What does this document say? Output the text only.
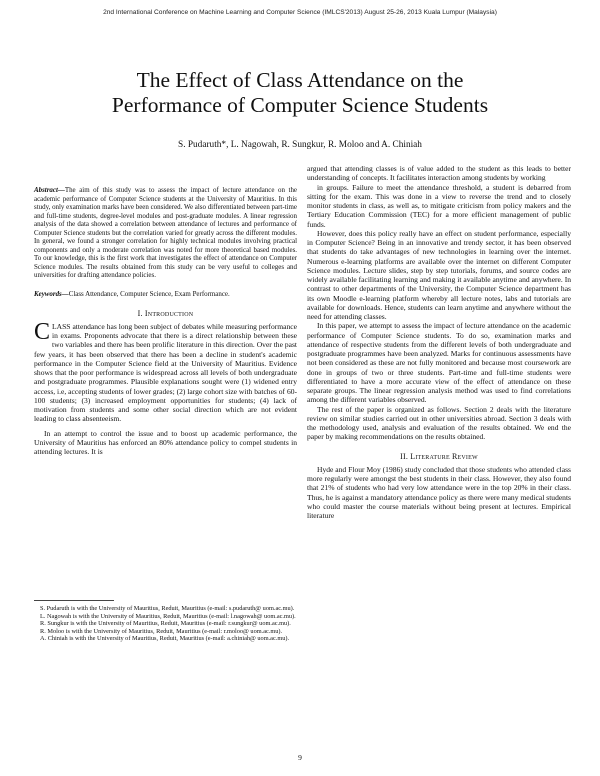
2nd International Conference on Machine Learning and Computer Science (IMLCS'2013) August 25-26, 2013 Kuala Lumpur (Malaysia)
The Effect of Class Attendance on the
Performance of Computer Science Students
S. Pudaruth*, L. Nagowah, R. Sungkur, R. Moloo and A. Chiniah

Abstract—The aim of this study was to assess the impact of lecture attendance on the academic performance of Computer Science students at the University of Mauritius. In this study, only examination marks have been considered. We also differentiated between part-time and full-time students, degree-level modules and post-graduate modules. A linear regression analysis of the data showed a correlation between attendance of lectures and performance of Computer Science students but the correlation varied for greatly across the different modules. In general, we found a stronger correlation for highly technical modules involving practical components and only a moderate correlation was noted for more theoretical based modules. To our knowledge, this is the first work that investigates the effect of attendance on Computer Science modules. The results obtained from this study can be very useful to colleges and universities for drafting attendance policies.

Keywords—Class Attendance, Computer Science, Exam Performance.

I. Introduction

CLASS attendance has long been subject of debates while measuring performance in exams. Proponents advocate that there is a direct relationship between these two variables and there has been prolific literature in this direction. Over the past few years, it has been observed that there has been a decline in student's academic performance in the Computer Science field at the University of Mauritius. Evidence shows that the poor performance is widespread across all levels of both undergraduate and postgraduate programmes. Plausible explanations sought were (1) widened entry access, i.e, accepting students of lower grades; (2) large cohort size with batches of 60-100 students; (3) increased employment opportunities for students; (4) lack of motivation from students and some other social direction which are not evident leading to class absenteeism.

In an attempt to control the issue and to boost up academic performance, the University of Mauritius has enforced an 80% attendance policy to compel students in attending lectures. It is

S. Pudaruth is with the University of Mauritius, Reduit, Mauritius (e-mail: s.pudaruth@ uom.ac.mu).

L. Nagowah is with the University of Mauritius, Reduit, Mauritius (e-mail: l.nagowah@ uom.ac.mu).

R. Sungkur is with the University of Mauritius, Reduit, Mauritius (e-mail: r.sungkur@ uom.ac.mu).

R. Moloo is with the University of Mauritius, Reduit, Mauritius (e-mail: r.moloo@ uom.ac.mu).

A. Chiniah is with the University of Mauritius, Reduit, Mauritius (e-mail: a.chiniah@ uom.ac.mu).

argued that attending classes is of value added to the student as this leads to better understanding of concepts. It facilitates interaction among students by working

in groups. Failure to meet the attendance threshold, a student is debarred from sitting for the exam. This was done in a view to reverse the trend and to closely monitor students in class, as well as, to mitigate criticism from policy makers and the Tertiary Education Commission (TEC) for a more efficient management of public funds.

However, does this policy really have an effect on student performance, especially in Computer Science? Being in an innovative and trendy sector, it has been observed that students do take advantages of new technologies in learning over the internet. Numerous e-learning platforms are available over the internet on different Computer Science modules. Lecture slides, step by step tutorials, forums, and source codes are widely available facilitating learning and making it available anytime and anywhere. In contrast to other departments of the University, the Computer Science department has its own Moodle e-learning platform whereby all lecture notes, labs and tutorials are available for downloads. Hence, students can learn anytime and anywhere without the need for attending classes.

In this paper, we attempt to assess the impact of lecture attendance on the academic performance of Computer Science students. To do so, examination marks and attendance of respective students from the different levels of both undergraduate and postgraduate programmes have been analyzed. Marks for continuous assessments have not been considered as these are not fully monitored and because most coursework are done in groups of two or three students. Part-time and full-time students were differentiated to have a more accurate view of the effect of attendance on these separate groups. The linear regression analysis method was used to find correlations among the different variables observed.

The rest of the paper is organized as follows. Section 2 deals with the literature review on similar studies carried out in other universities abroad. Section 3 deals with the methodology used, analysis and evaluation of the results obtained. We end the paper by making recommendations on the results obtained.

II. Literature Review

Hyde and Flour Moy (1986) study concluded that those students who attended class more regularly were amongst the best students in their class. However, they also found that 21% of students who had very low attendance were in the top 20% in their class. Thus, he is against a mandatory attendance policy as there were many medical students who could master the course materials without being present at lectures. Empirical literature

9
